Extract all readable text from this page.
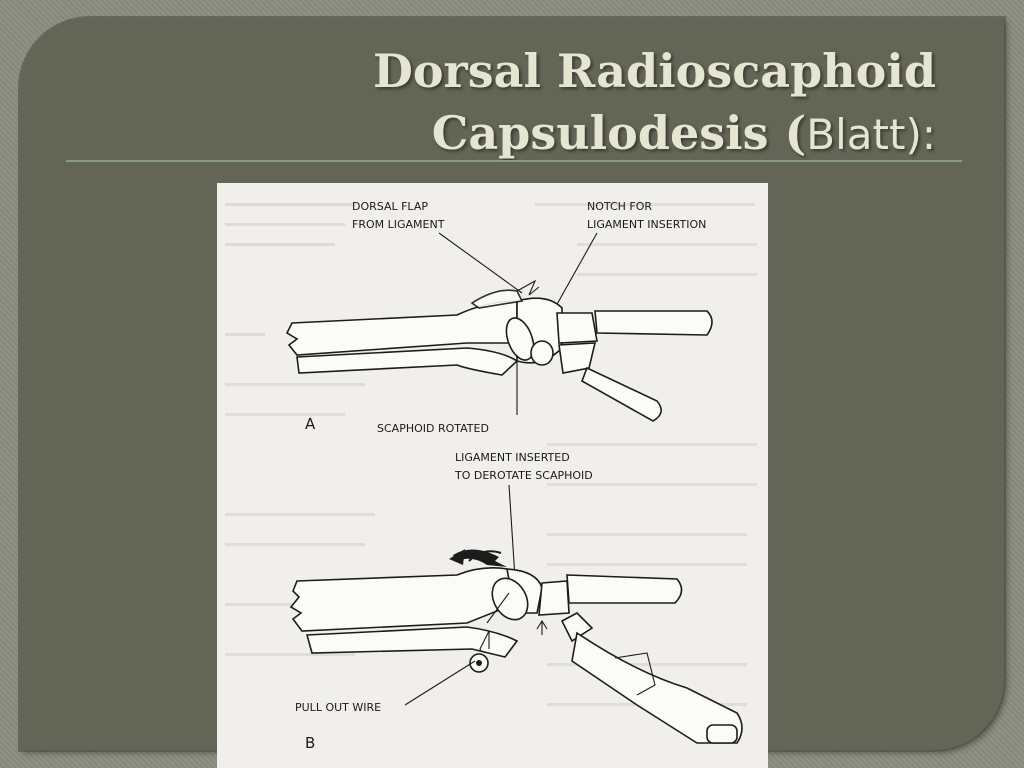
Dorsal Radioscaphoid
Capsulodesis (Blatt):
DORSAL FLAP
FROM LIGAMENT
NOTCH FOR
LIGAMENT INSERTION
A	SCAPHOID ROTATED
LIGAMENT INSERTED
TO DEROTATE SCAPHOID
PULL OUT WIRE
B
